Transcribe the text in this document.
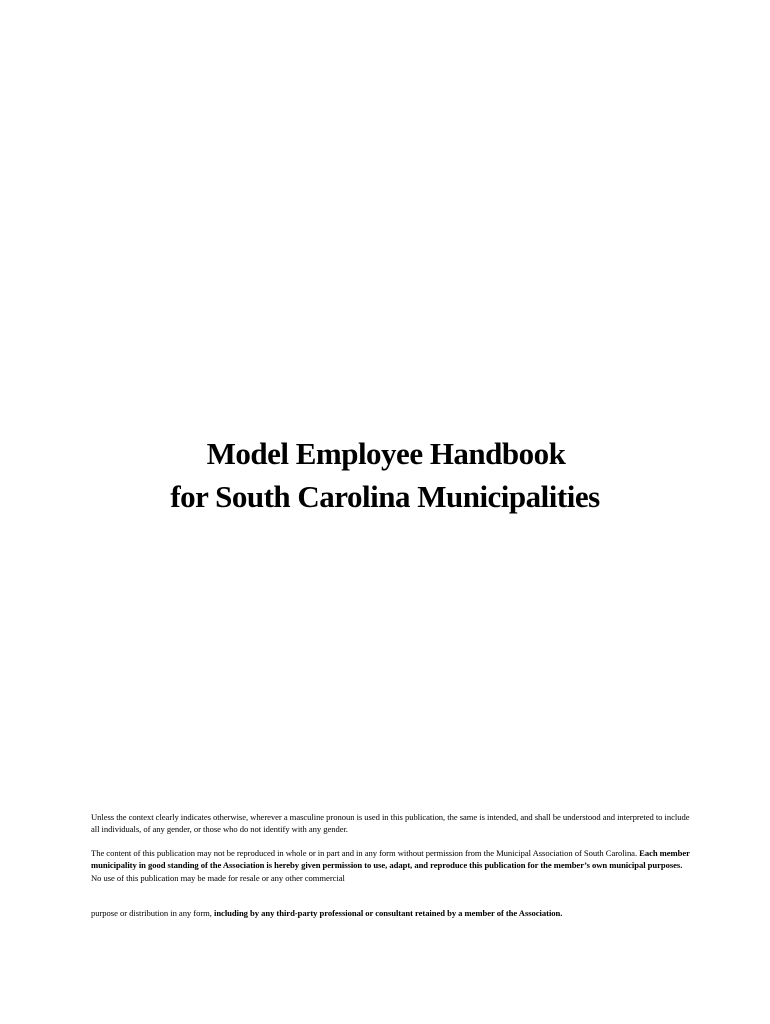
Model Employee Handbook
for South Carolina Municipalities

Unless the context clearly indicates otherwise, wherever a masculine pronoun is used in this publication, the same is intended, and shall be understood and interpreted to include all individuals, of any gender, or those who do not identify with any gender.

The content of this publication may not be reproduced in whole or in part and in any form without permission from the Municipal Association of South Carolina. Each member municipality in good standing of the Association is hereby given permission to use, adapt, and reproduce this publication for the member’s own municipal purposes. No use of this publication may be made for resale or any other commercial

purpose or distribution in any form, including by any third-party professional or consultant retained by a member of the Association.
